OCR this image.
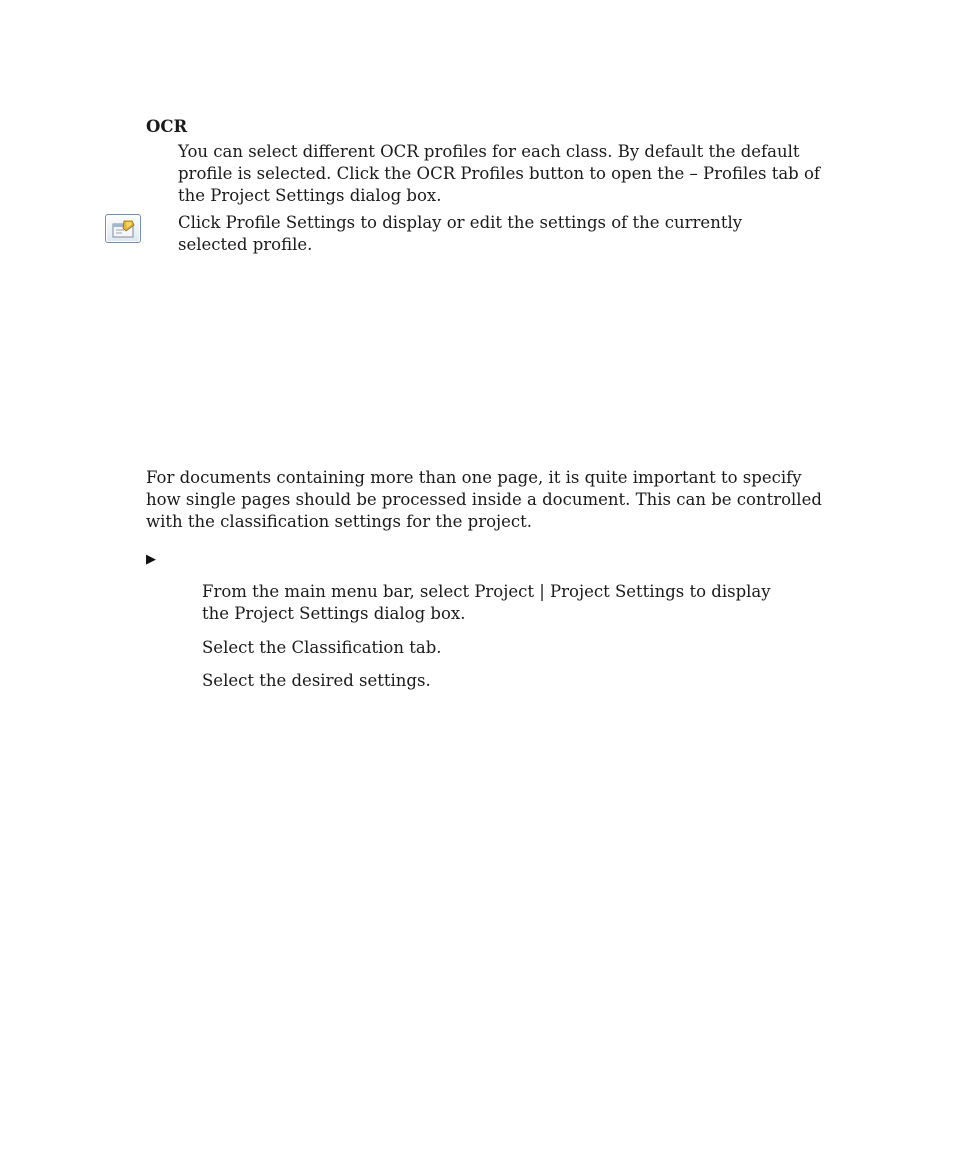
OCR
You can select different OCR profiles for each class. By default the default profile is selected. Click the OCR Profiles button to open the – Profiles tab of the Project Settings dialog box.
Click Profile Settings to display or edit the settings of the currently selected profile.
For documents containing more than one page, it is quite important to specify how single pages should be processed inside a document. This can be controlled with the classification settings for the project.
▶
From the main menu bar, select Project | Project Settings to display the Project Settings dialog box.
Select the Classification tab.
Select the desired settings.
